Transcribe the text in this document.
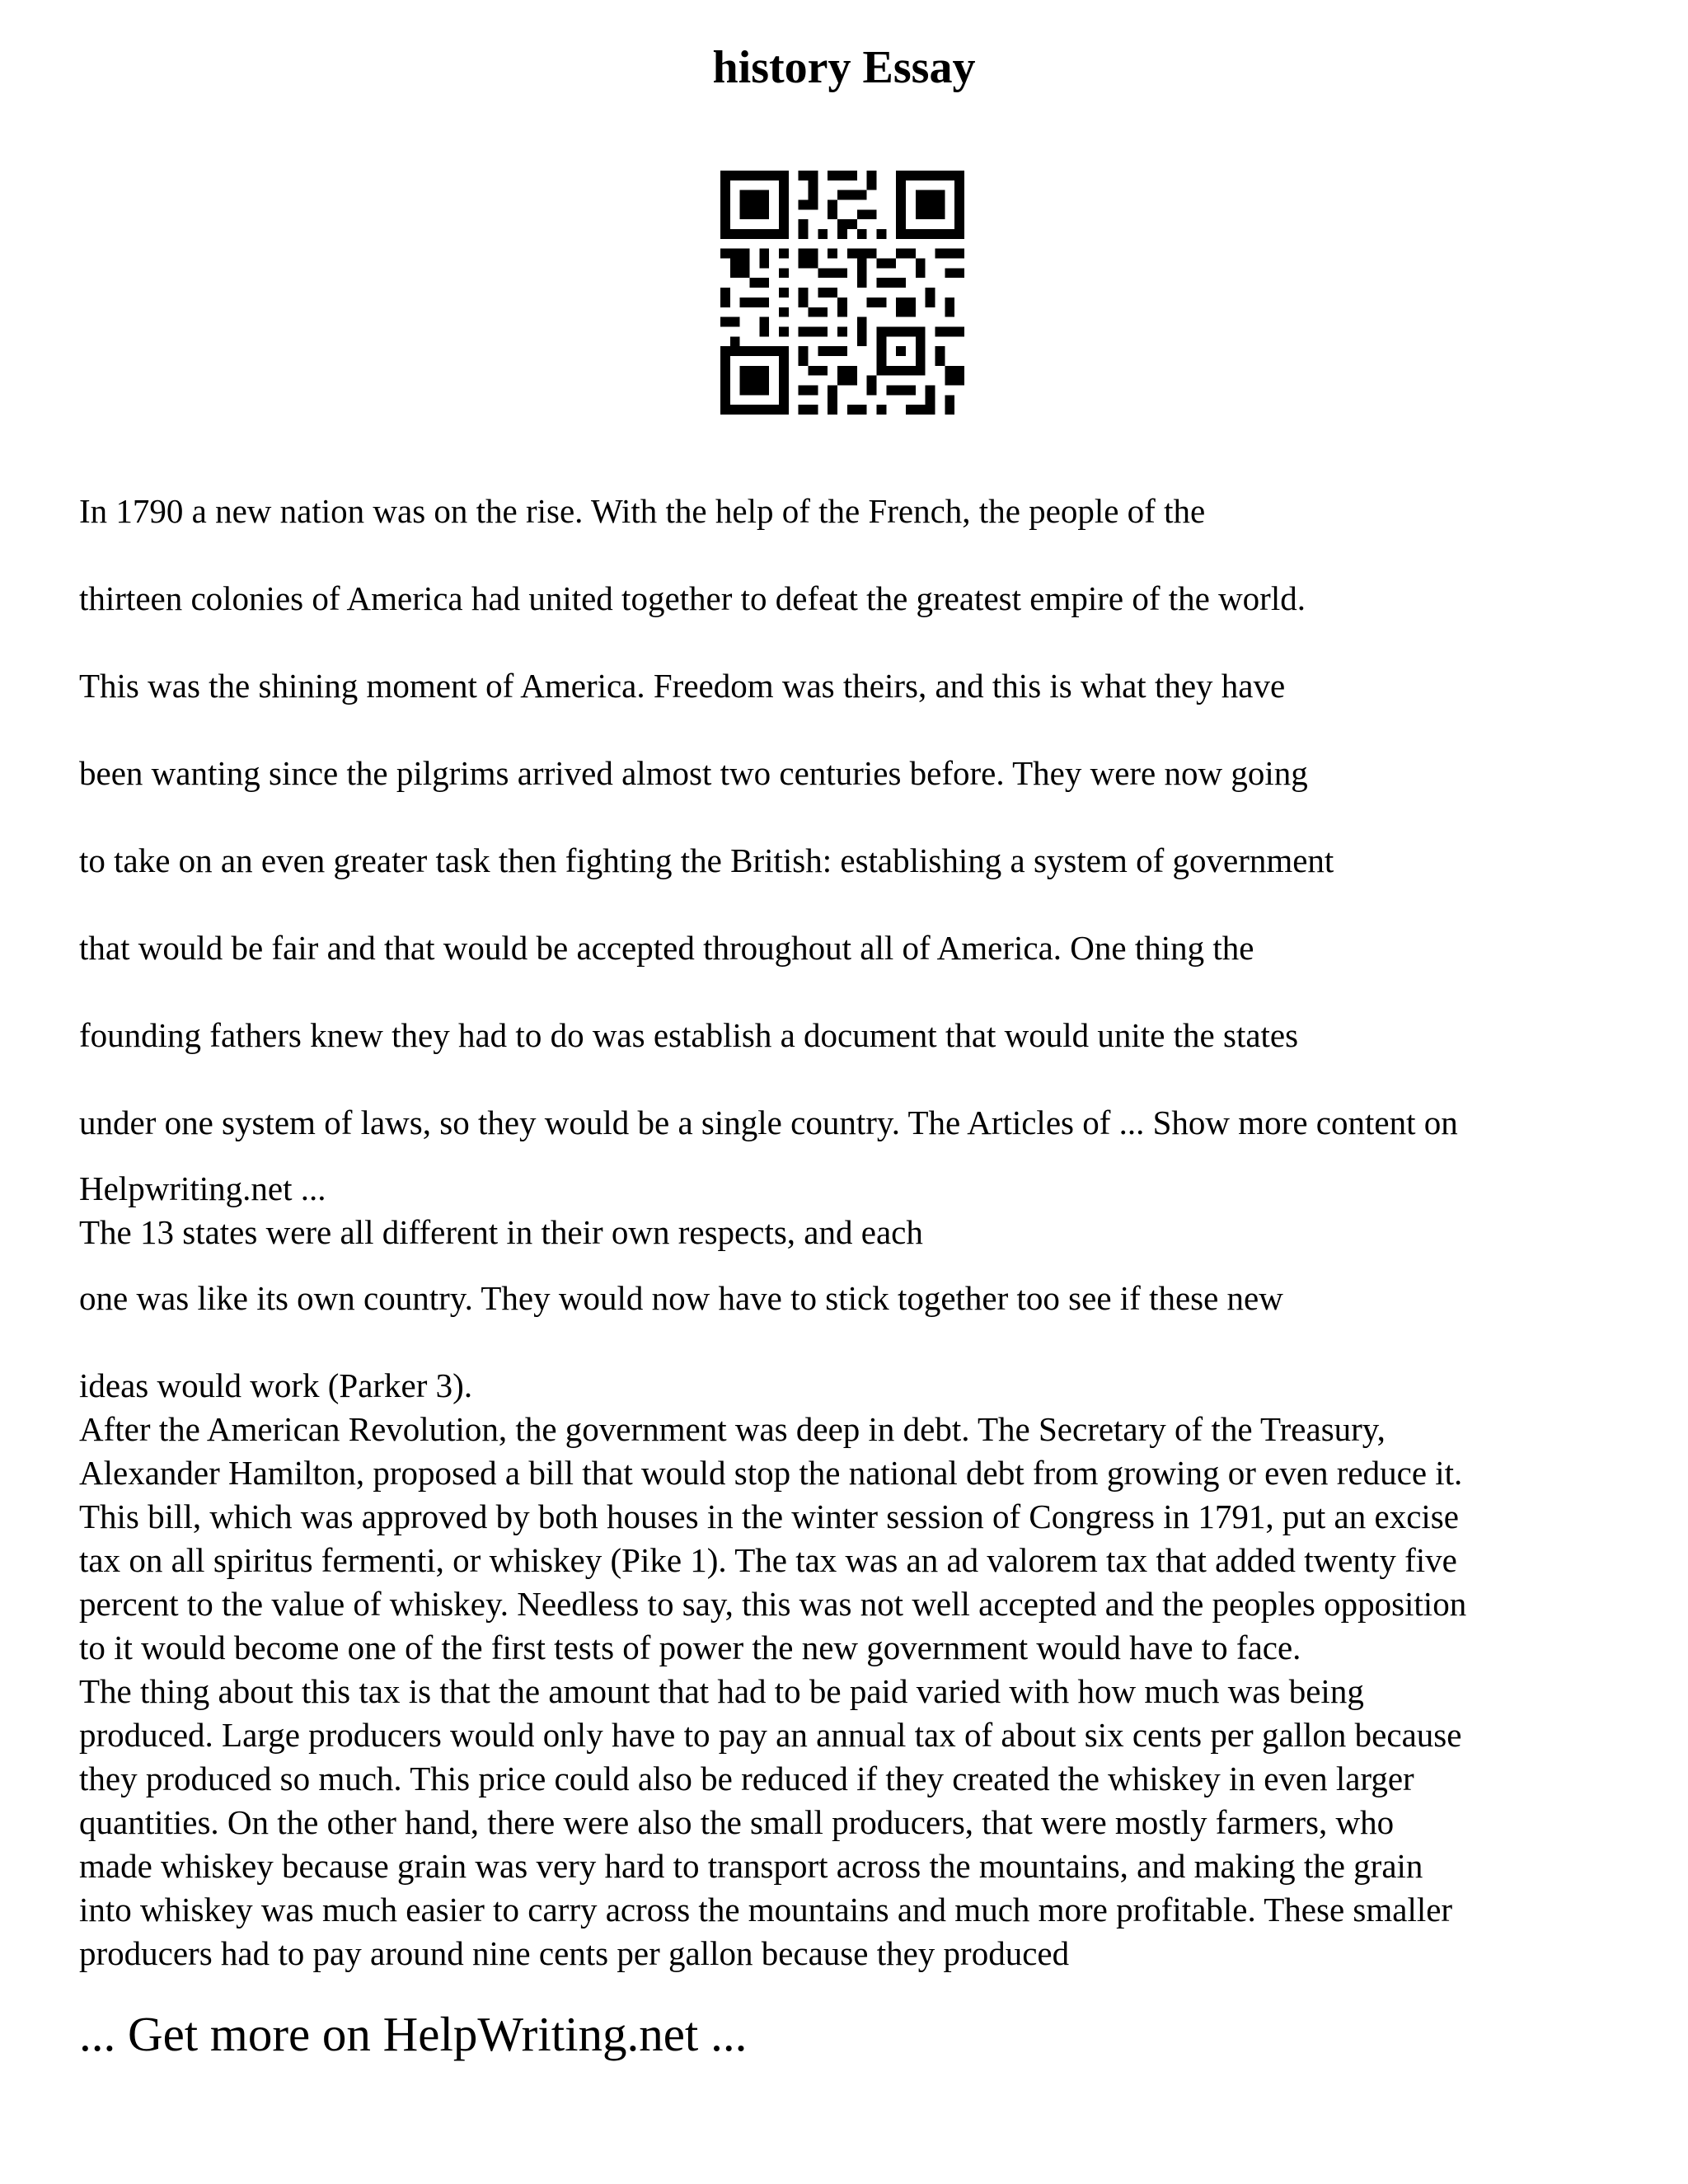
history Essay
In 1790 a new nation was on the rise. With the help of the French, the people of the
thirteen colonies of America had united together to defeat the greatest empire of the world.
This was the shining moment of America. Freedom was theirs, and this is what they have
been wanting since the pilgrims arrived almost two centuries before. They were now going
to take on an even greater task then fighting the British: establishing a system of government
that would be fair and that would be accepted throughout all of America. One thing the
founding fathers knew they had to do was establish a document that would unite the states
under one system of laws, so they would be a single country. The Articles of ... Show more content on
Helpwriting.net ...
The 13 states were all different in their own respects, and each
one was like its own country. They would now have to stick together too see if these new
ideas would work (Parker 3).
After the American Revolution, the government was deep in debt. The Secretary of the Treasury,
Alexander Hamilton, proposed a bill that would stop the national debt from growing or even reduce it.
This bill, which was approved by both houses in the winter session of Congress in 1791, put an excise
tax on all spiritus fermenti, or whiskey (Pike 1). The tax was an ad valorem tax that added twenty five
percent to the value of whiskey. Needless to say, this was not well accepted and the peoples opposition
to it would become one of the first tests of power the new government would have to face.
The thing about this tax is that the amount that had to be paid varied with how much was being
produced. Large producers would only have to pay an annual tax of about six cents per gallon because
they produced so much. This price could also be reduced if they created the whiskey in even larger
quantities. On the other hand, there were also the small producers, that were mostly farmers, who
made whiskey because grain was very hard to transport across the mountains, and making the grain
into whiskey was much easier to carry across the mountains and much more profitable. These smaller
producers had to pay around nine cents per gallon because they produced

... Get more on HelpWriting.net ...
